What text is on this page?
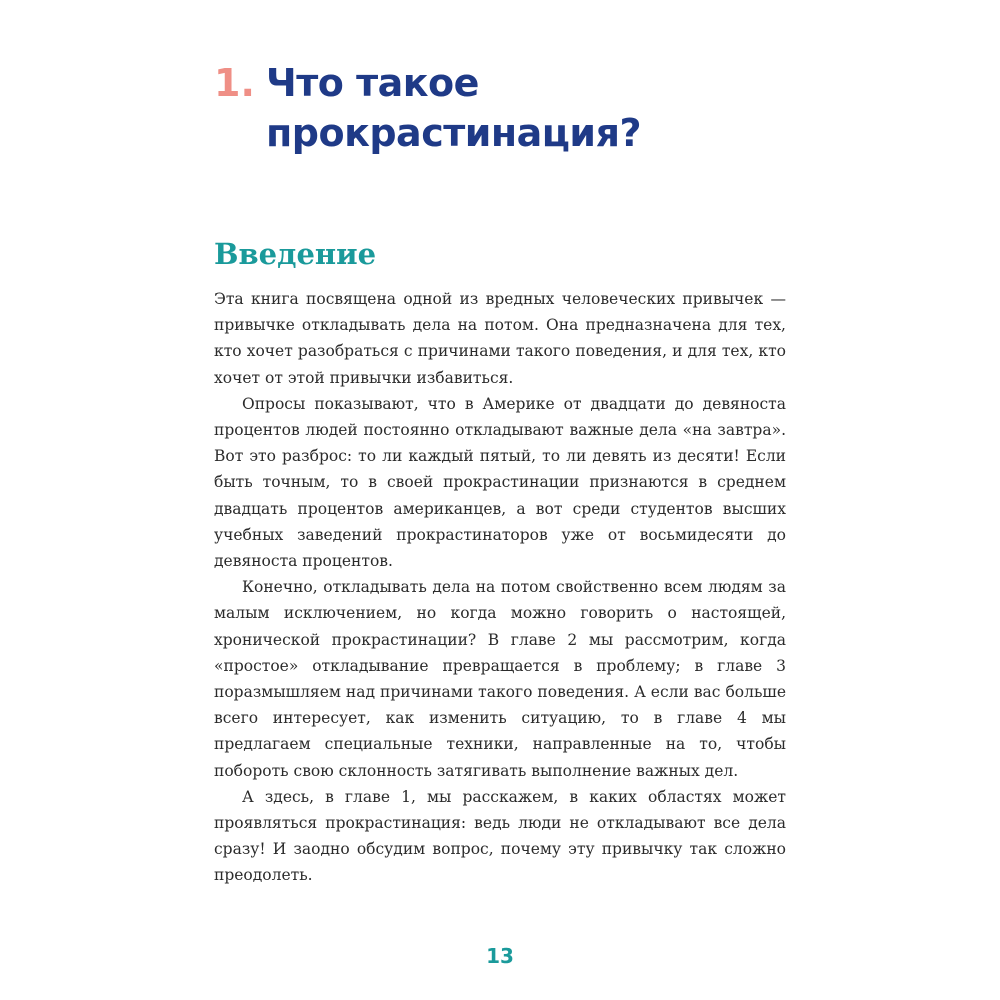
1. Что такое
прокрастинация?
Введение

Эта книга посвящена одной из вредных человеческих привычек — привычке откладывать дела на потом. Она предназначена для тех, кто хочет разобраться с причинами такого поведения, и для тех, кто хочет от этой привычки избавиться.

Опросы показывают, что в Америке от двадцати до девяноста процентов людей постоянно откладывают важные дела «на завтра». Вот это разброс: то ли каждый пятый, то ли девять из десяти! Если быть точным, то в своей прокрастинации признаются в среднем двадцать процентов американцев, а вот среди студентов высших учебных заведений прокрастинаторов уже от восьмидесяти до девяноста процентов.

Конечно, откладывать дела на потом свойственно всем людям за малым исключением, но когда можно говорить о настоящей, хронической прокрастинации? В главе 2 мы рассмотрим, когда «простое» откладывание превращается в проблему; в главе 3 поразмышляем над причинами такого поведения. А если вас больше всего интересует, как изменить ситуацию, то в главе 4 мы предлагаем специальные техники, направленные на то, чтобы побороть свою склонность затягивать выполнение важных дел.

А здесь, в главе 1, мы расскажем, в каких областях может проявляться прокрастинация: ведь люди не откладывают все дела сразу! И заодно обсудим вопрос, почему эту привычку так сложно преодолеть.

13
